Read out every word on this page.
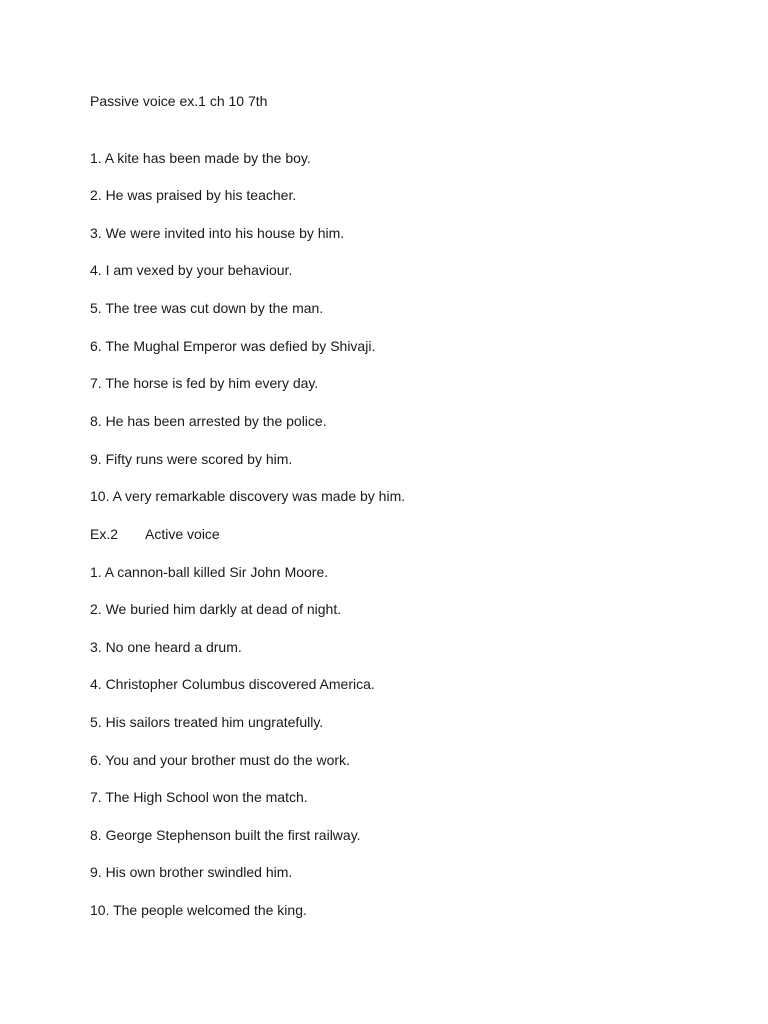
Passive voice ex.1 ch 10 7th
1. A kite has been made by the boy.
2. He was praised by his teacher.
3. We were invited into his house by him.
4. I am vexed by your behaviour.
5. The tree was cut down by the man.
6. The Mughal Emperor was defied by Shivaji.
7. The horse is fed by him every day.
8. He has been arrested by the police.
9. Fifty runs were scored by him.
10. A very remarkable discovery was made by him.
Ex.2 Active voice
1. A cannon-ball killed Sir John Moore.
2. We buried him darkly at dead of night.
3. No one heard a drum.
4. Christopher Columbus discovered America.
5. His sailors treated him ungratefully.
6. You and your brother must do the work.
7. The High School won the match.
8. George Stephenson built the first railway.
9. His own brother swindled him.
10. The people welcomed the king.
